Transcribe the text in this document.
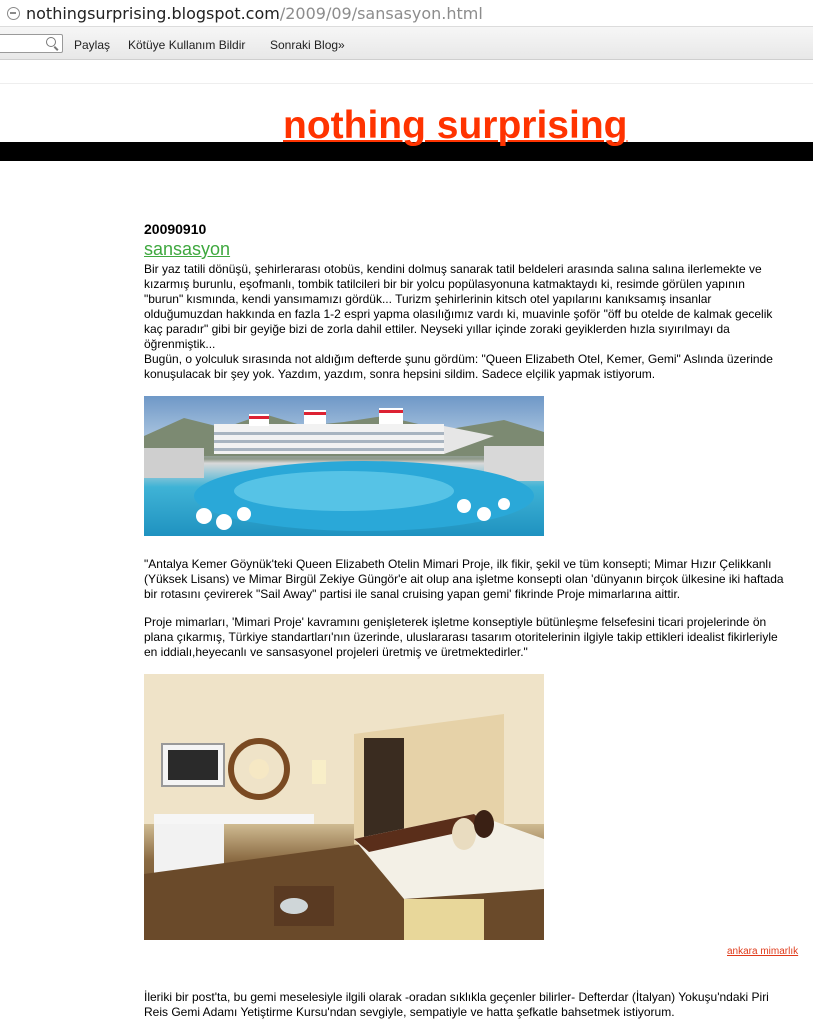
nothingsurprising.blogspot.com /2009/09/sansasyon.html
Paylaş Kötüye Kullanım Bildir Sonraki Blog»
nothing surprising
20090910
sansasyon
Bir yaz tatili dönüşü, şehirlerarası otobüs, kendini dolmuş sanarak tatil beldeleri arasında salına salına ilerlemekte ve
kızarmış burunlu, eşofmanlı, tombik tatilcileri bir bir yolcu popülasyonuna katmaktaydı ki, resimde görülen yapının
"burun" kısmında, kendi yansımamızı gördük... Turizm şehirlerinin kitsch otel yapılarını kanıksamış insanlar
olduğumuzdan hakkında en fazla 1-2 espri yapma olasılığımız vardı ki, muavinle şoför "öff bu otelde de kalmak gecelik
kaç paradır" gibi bir geyiğe bizi de zorla dahil ettiler. Neyseki yıllar içinde zoraki geyiklerden hızla sıyırılmayı da
öğrenmiştik...
Bugün, o yolculuk sırasında not aldığım defterde şunu gördüm: "Queen Elizabeth Otel, Kemer, Gemi" Aslında üzerinde
konuşulacak bir şey yok. Yazdım, yazdım, sonra hepsini sildim. Sadece elçilik yapmak istiyorum.
"Antalya Kemer Göynük'teki Queen Elizabeth Otelin Mimari Proje, ilk fikir, şekil ve tüm konsepti; Mimar Hızır Çelikkanlı
(Yüksek Lisans) ve Mimar Birgül Zekiye Güngör'e ait olup ana işletme konsepti olan 'dünyanın birçok ülkesine iki haftada
bir rotasını çevirerek "Sail Away" partisi ile sanal cruising yapan gemi' fikrinde Proje mimarlarına aittir.
Proje mimarları, 'Mimari Proje' kavramını genişleterek işletme konseptiyle bütünleşme felsefesini ticari projelerinde ön
plana çıkarmış, Türkiye standartları'nın üzerinde, uluslararası tasarım otoritelerinin ilgiyle takip ettikleri idealist fikirleriyle
en iddialı,heyecanlı ve sansasyonel projeleri üretmiş ve üretmektedirler."
ankara mimarlık
İleriki bir post'ta, bu gemi meselesiyle ilgili olarak -oradan sıklıkla geçenler bilirler- Defterdar (İtalyan) Yokuşu'ndaki Piri
Reis Gemi Adamı Yetiştirme Kursu'ndan sevgiyle, sempatiyle ve hatta şefkatle bahsetmek istiyorum.
